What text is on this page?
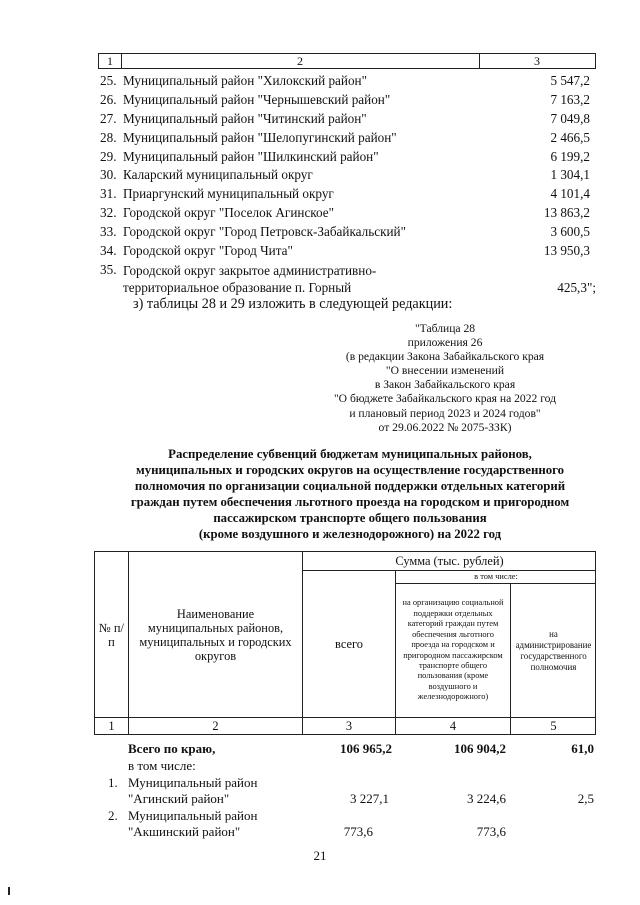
1	2	3
25. Муниципальный район "Хилокский район"	5 547,2
26. Муниципальный район "Чернышевский район"	7 163,2
27. Муниципальный район "Читинский район"	7 049,8
28. Муниципальный район "Шелопугинский район"	2 466,5
29. Муниципальный район "Шилкинский район"	6 199,2
30. Каларский муниципальный округ	1 304,1
31. Приаргунский муниципальный округ	4 101,4
32. Городской округ "Поселок Агинское"	13 863,2
33. Городской округ "Город Петровск-Забайкальский"	3 600,5
34. Городской округ "Город Чита"	13 950,3
35. Городской округ закрытое административно-территориальное образование п. Горный	425,3";
з) таблицы 28 и 29 изложить в следующей редакции:
"Таблица 28
приложения 26
(в редакции Закона Забайкальского края
"О внесении изменений
в Закон Забайкальского края
"О бюджете Забайкальского края на 2022 год
и плановый период 2023 и 2024 годов"
от 29.06.2022 № 2075-ЗЗК)
Распределение субвенций бюджетам муниципальных районов,
муниципальных и городских округов на осуществление государственного
полномочия по организации социальной поддержки отдельных категорий
граждан путем обеспечения льготного проезда на городском и пригородном
пассажирском транспорте общего пользования
(кроме воздушного и железнодорожного) на 2022 год
№ п/п
Наименование муниципальных районов, муниципальных и городских округов
Сумма (тыс. рублей)
всего
в том числе:
на организацию социальной поддержки отдельных категорий граждан путем обеспечения льготного проезда на городском и пригородном пассажирском транспорте общего пользования (кроме воздушного и железнодорожного)
на администрирование государственного полномочия
1	2	3	4	5
Всего по краю,	106 965,2	106 904,2	61,0
в том числе:
1. Муниципальный район
"Агинский район"	3 227,1	3 224,6	2,5
2. Муниципальный район
"Акшинский район"	773,6	773,6
21
